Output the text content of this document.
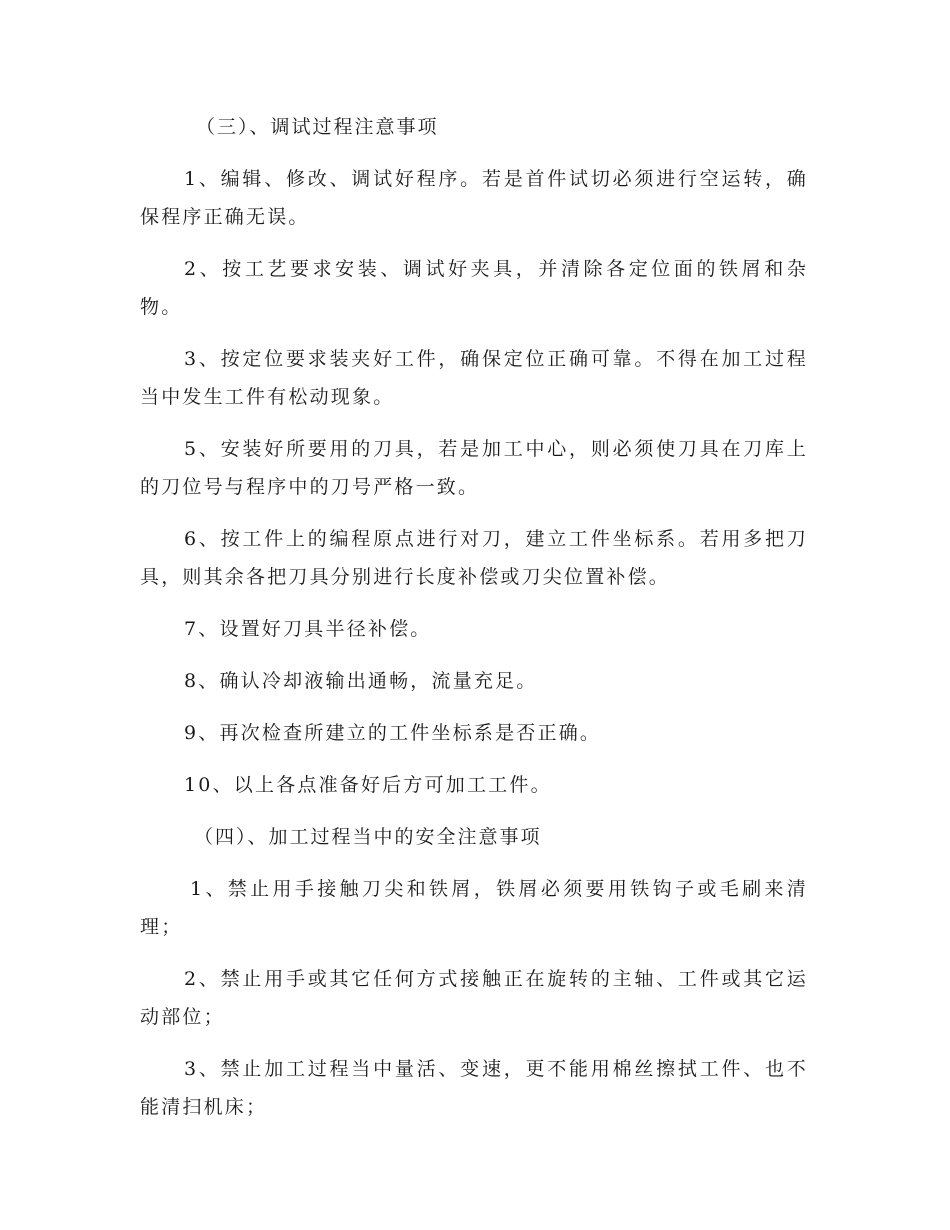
（三）、调试过程注意事项

1、编辑、修改、调试好程序。若是首件试切必须进行空运转，确保程序正确无误。

2、按工艺要求安装、调试好夹具，并清除各定位面的铁屑和杂物。

3、按定位要求装夹好工件，确保定位正确可靠。不得在加工过程当中发生工件有松动现象。

5、安装好所要用的刀具，若是加工中心，则必须使刀具在刀库上的刀位号与程序中的刀号严格一致。

6、按工件上的编程原点进行对刀，建立工件坐标系。若用多把刀具，则其余各把刀具分别进行长度补偿或刀尖位置补偿。

7、设置好刀具半径补偿。

8、确认冷却液输出通畅，流量充足。

9、再次检查所建立的工件坐标系是否正确。

10、以上各点准备好后方可加工工件。

（四）、加工过程当中的安全注意事项

1、禁止用手接触刀尖和铁屑，铁屑必须要用铁钩子或毛刷来清理；

2、禁止用手或其它任何方式接触正在旋转的主轴、工件或其它运动部位；

3、禁止加工过程当中量活、变速，更不能用棉丝擦拭工件、也不能清扫机床；
